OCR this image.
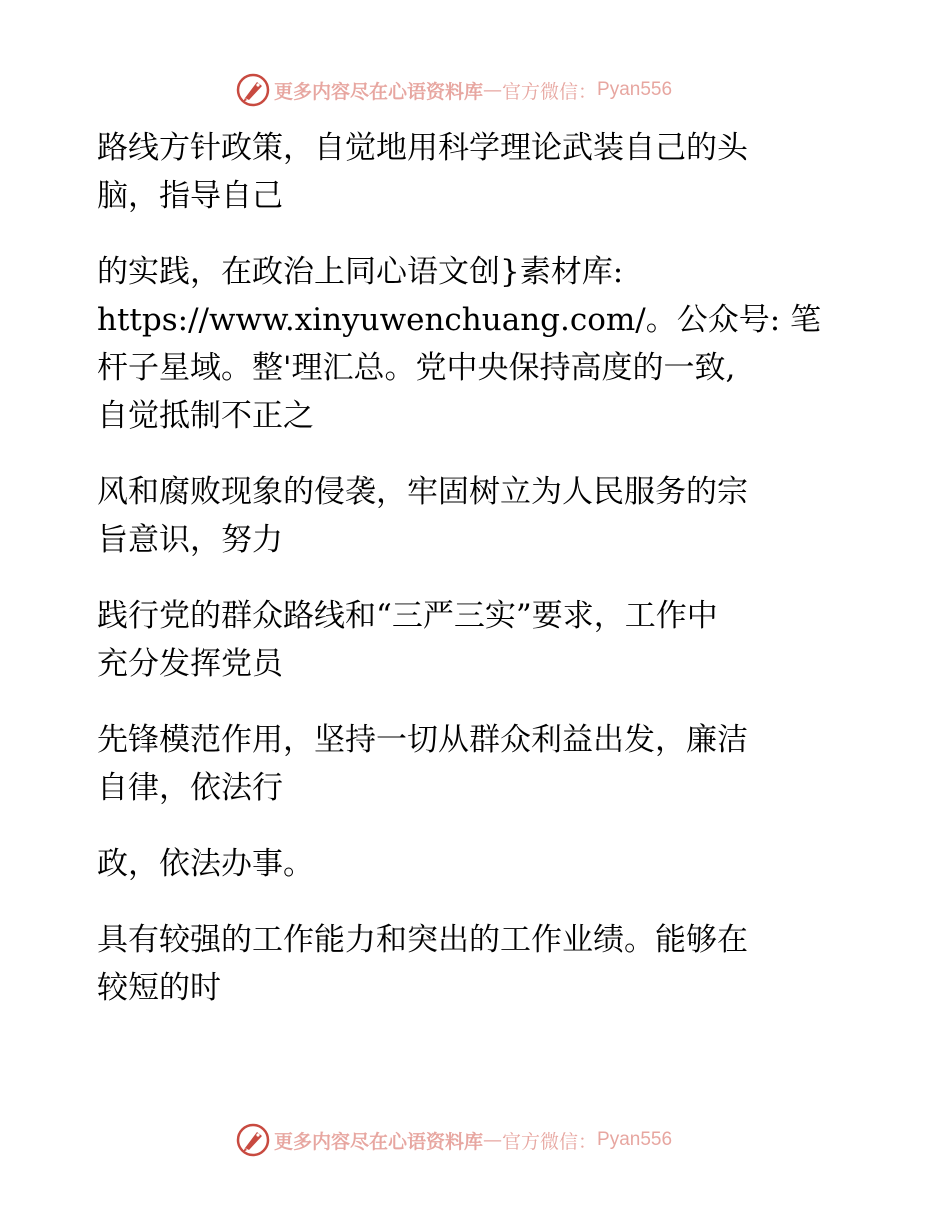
更多内容尽在心语资料库 — 官方微信： Pyan556

路线方针政策，自觉地用科学理论武装自己的头
脑，指导自己

的实践，在政治上同心语文创}素材库:
https://www.xinyuwenchuang.com/。公众号: 笔
杆子星域。整'理汇总。党中央保持高度的一致,
自觉抵制不正之

风和腐败现象的侵袭，牢固树立为人民服务的宗
旨意识，努力

践行党的群众路线和“三严三实”要求，工作中
充分发挥党员

先锋模范作用，坚持一切从群众利益出发，廉洁
自律，依法行

政，依法办事。

具有较强的工作能力和突出的工作业绩。能够在
较短的时

更多内容尽在心语资料库 — 官方微信： Pyan556
